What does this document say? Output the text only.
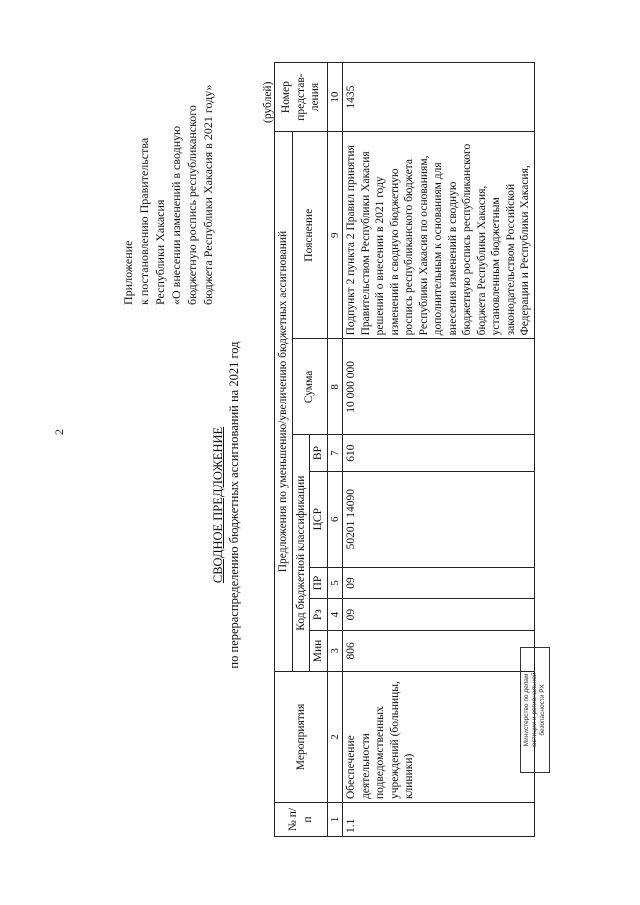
2
Приложение к постановлению Правительства Республики Хакасия «О внесении изменений в сводную бюджетную роспись республиканского бюджета Республики Хакасия в 2021 году»
СВОДНОЕ ПРЕДЛОЖЕНИЕ по перераспределению бюджетных ассигнований на 2021 год
(рублей)
№ п/п	Мероприятия	Предложения по уменьшению/увеличению бюджетных ассигнований							Номер представ-ления
		Код бюджетной классификации					Сумма	Пояснение	
		Мин	Рз	ПР	ЦСР	ВР			
1	2	3	4	5	6	7	8	9	10
1.1	Обеспечение деятельности подведомственных учреждений (больницы, клиники)	806	09	09	50201 14090	610	10 000 000	Подпункт 2 пункта 2 Правил принятия Правительством Республики Хакасия решений о внесении в 2021 году изменений в сводную бюджетную роспись республиканского бюджета Республики Хакасия по основаниям, дополнительным к основаниям для внесения изменений в сводную бюджетную роспись республиканского бюджета Республики Хакасия, установленным бюджетным законодательством Российской Федерации и Республики Хакасия,	1435
Министерство по делам юстиции и региональной безопасности РХ
